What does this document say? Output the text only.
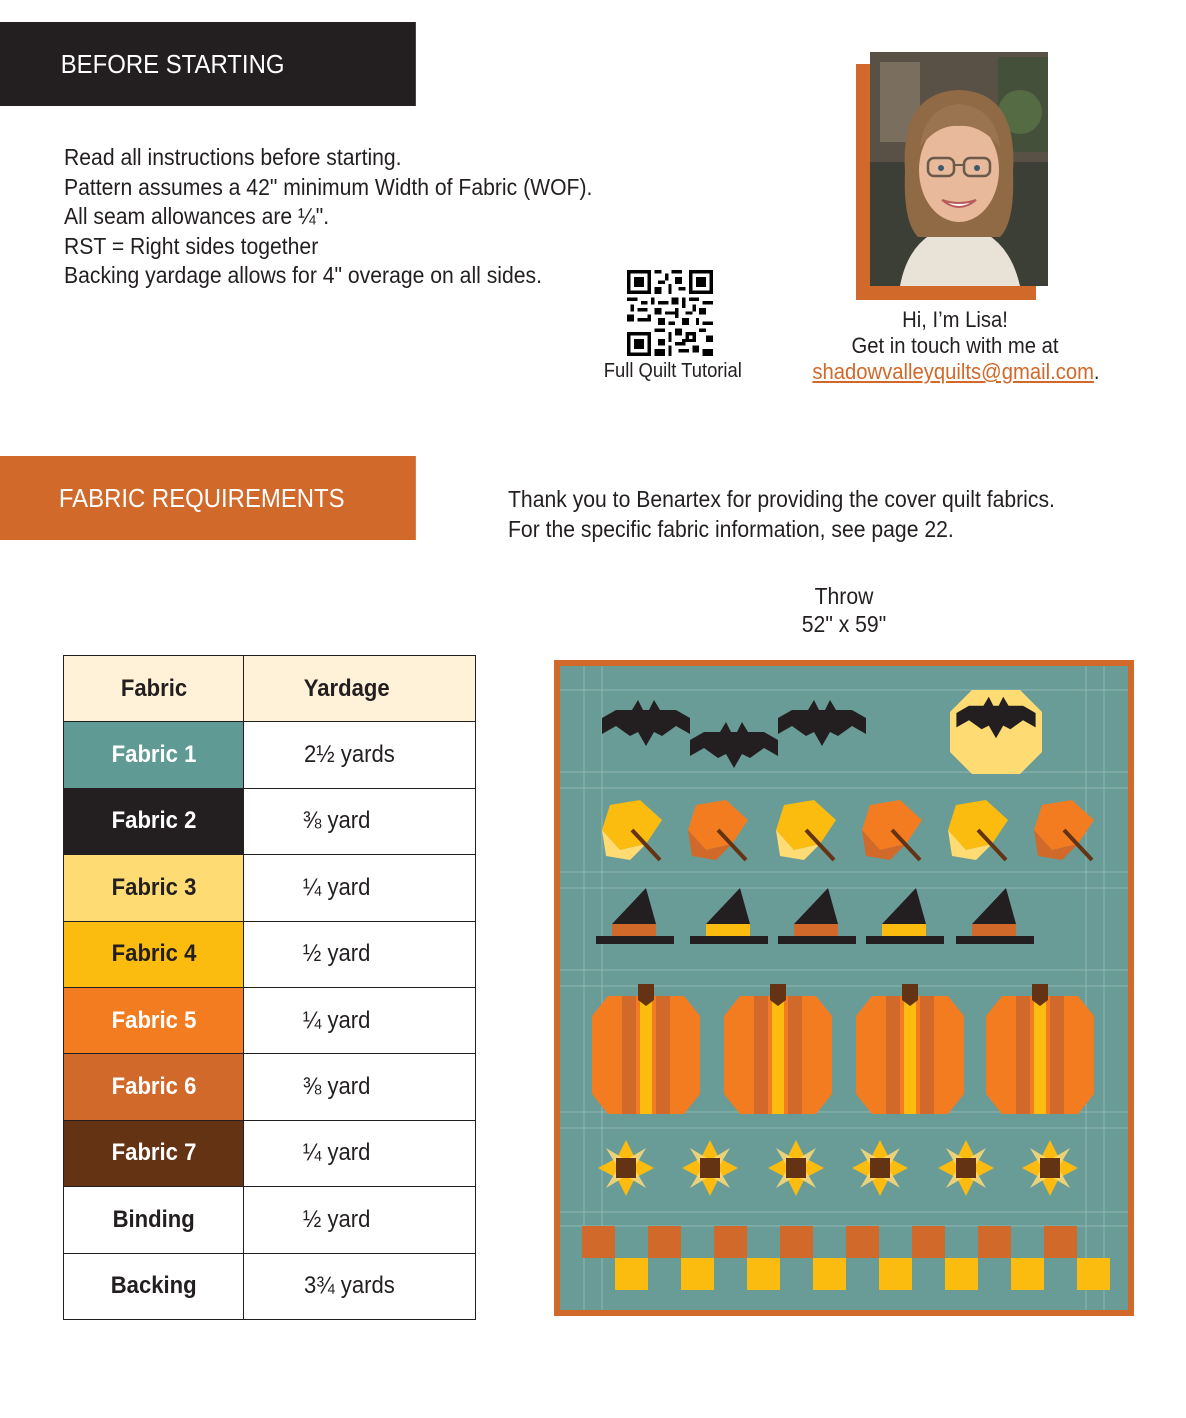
BEFORE STARTING
Read all instructions before starting.
Pattern assumes a 42" minimum Width of Fabric (WOF).
All seam allowances are ¼".
RST = Right sides together
Backing yardage allows for 4" overage on all sides.
Full Quilt Tutorial
Hi, I’m Lisa!
Get in touch with me at
shadowvalleyquilts@gmail.com.
FABRIC REQUIREMENTS	Thank you to Benartex for providing the cover quilt fabrics.
For the specific fabric information, see page 22.
Throw
52" x 59"
Fabric	Yardage
Fabric 1	2½ yards
Fabric 2	⅜ yard
Fabric 3	¼ yard
Fabric 4	½ yard
Fabric 5	¼ yard
Fabric 6	⅜ yard
Fabric 7	¼ yard
Binding	½ yard
Backing	3¾ yards
